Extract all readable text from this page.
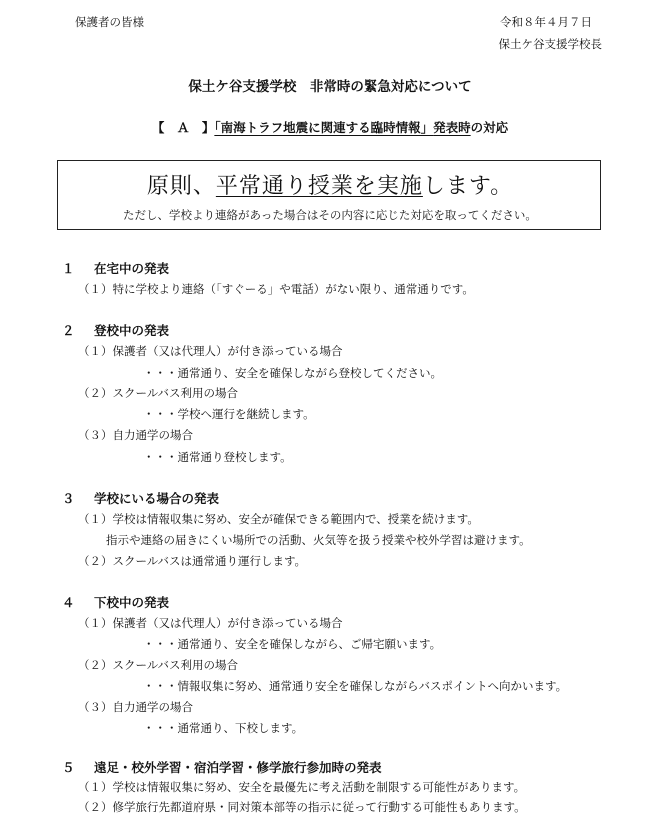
保護者の皆様	令和８年４月７日
保土ケ谷支援学校長
保土ケ谷支援学校　非常時の緊急対応について
【　Ａ　】「南海トラフ地震に関連する臨時情報」発表時の対応
原則、平常通り授業を実施します。
ただし、学校より連絡があった場合はその内容に応じた対応を取ってください。
１ 在宅中の発表
（１）特に学校より連絡（「すぐーる」や電話）がない限り、通常通りです。
２ 登校中の発表
（１）保護者（又は代理人）が付き添っている場合
・・・通常通り、安全を確保しながら登校してください。
（２）スクールバス利用の場合
・・・学校へ運行を継続します。
（３）自力通学の場合
・・・通常通り登校します。
３ 学校にいる場合の発表
（１）学校は情報収集に努め、安全が確保できる範囲内で、授業を続けます。
指示や連絡の届きにくい場所での活動、火気等を扱う授業や校外学習は避けます。
（２）スクールバスは通常通り運行します。
４ 下校中の発表
（１）保護者（又は代理人）が付き添っている場合
・・・通常通り、安全を確保しながら、ご帰宅願います。
（２）スクールバス利用の場合
・・・情報収集に努め、通常通り安全を確保しながらバスポイントへ向かいます。
（３）自力通学の場合
・・・通常通り、下校します。
５ 遠足・校外学習・宿泊学習・修学旅行参加時の発表
（１）学校は情報収集に努め、安全を最優先に考え活動を制限する可能性があります。
（２）修学旅行先都道府県・同対策本部等の指示に従って行動する可能性もあります。
